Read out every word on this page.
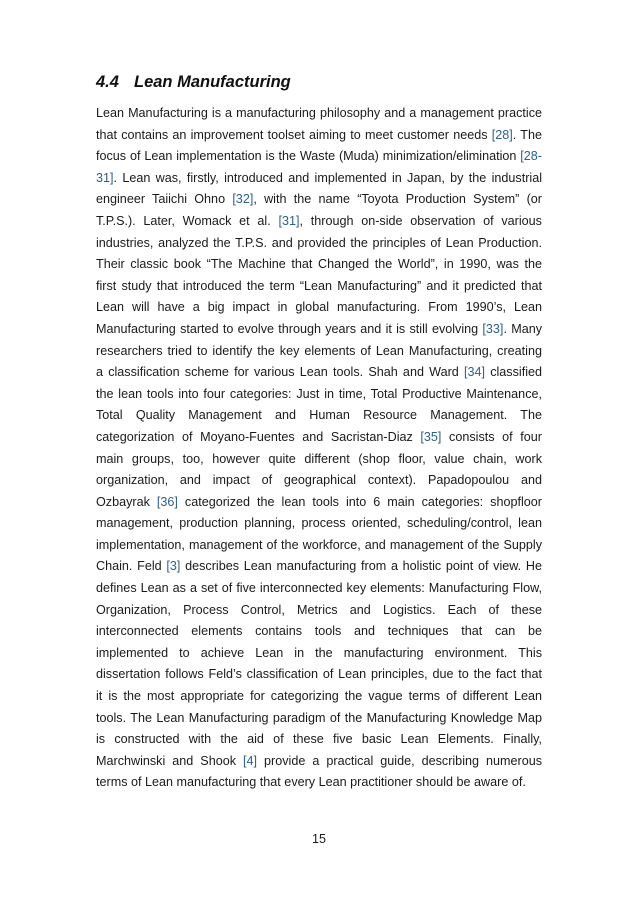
4.4 Lean Manufacturing
Lean Manufacturing is a manufacturing philosophy and a management practice
that contains an improvement toolset aiming to meet customer needs [28]. The
focus of Lean implementation is the Waste (Muda) minimization/elimination [28-
31]. Lean was, firstly, introduced and implemented in Japan, by the industrial
engineer Taiichi Ohno [32], with the name “Toyota Production System” (or
T.P.S.). Later, Womack et al. [31], through on-side observation of various
industries, analyzed the T.P.S. and provided the principles of Lean Production.
Their classic book “The Machine that Changed the World”, in 1990, was the
first study that introduced the term “Lean Manufacturing” and it predicted that
Lean will have a big impact in global manufacturing. From 1990’s, Lean
Manufacturing started to evolve through years and it is still evolving [33]. Many
researchers tried to identify the key elements of Lean Manufacturing, creating
a classification scheme for various Lean tools. Shah and Ward [34] classified
the lean tools into four categories: Just in time, Total Productive Maintenance,
Total Quality Management and Human Resource Management. The
categorization of Moyano-Fuentes and Sacristan-Diaz [35] consists of four
main groups, too, however quite different (shop floor, value chain, work
organization, and impact of geographical context). Papadopoulou and
Ozbayrak [36] categorized the lean tools into 6 main categories: shopfloor
management, production planning, process oriented, scheduling/control, lean
implementation, management of the workforce, and management of the Supply
Chain. Feld [3] describes Lean manufacturing from a holistic point of view. He
defines Lean as a set of five interconnected key elements: Manufacturing Flow,
Organization, Process Control, Metrics and Logistics. Each of these
interconnected elements contains tools and techniques that can be
implemented to achieve Lean in the manufacturing environment. This
dissertation follows Feld’s classification of Lean principles, due to the fact that
it is the most appropriate for categorizing the vague terms of different Lean
tools. The Lean Manufacturing paradigm of the Manufacturing Knowledge Map
is constructed with the aid of these five basic Lean Elements. Finally,
Marchwinski and Shook [4] provide a practical guide, describing numerous
terms of Lean manufacturing that every Lean practitioner should be aware of.
15
